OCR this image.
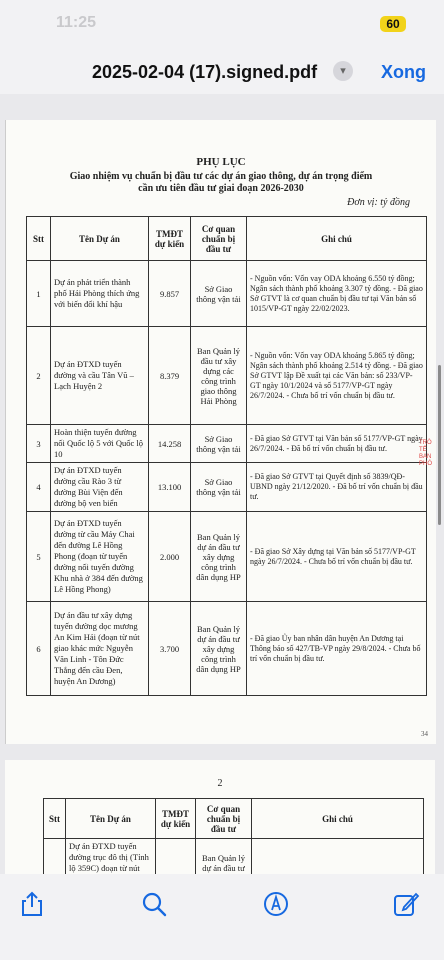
11:25	60
2025-02-04 (17).signed.pdf	▾	Xong
PHỤ LỤC
Giao nhiệm vụ chuẩn bị đầu tư các dự án giao thông, dự án trọng điểm
cần ưu tiên đầu tư giai đoạn 2026-2030
Đơn vị: tỷ đồng
Stt	Tên Dự án	TMĐT dự kiến	Cơ quan chuẩn bị đầu tư	Ghi chú
1	Dự án phát triển thành phố Hải Phòng thích ứng với biến đổi khí hậu	9.857	Sở Giao thông vận tải	- Nguồn vốn: Vốn vay ODA khoảng 6.550 tỷ đồng; Ngân sách thành phố khoảng 3.307 tỷ đồng. - Đã giao Sở GTVT là cơ quan chuẩn bị đầu tư tại Văn bản số 1015/VP-GT ngày 22/02/2023.
2	Dự án ĐTXD tuyến đường và cầu Tân Vũ – Lạch Huyện 2	8.379	Ban Quản lý đầu tư xây dựng các công trình giao thông Hải Phòng	- Nguồn vốn: Vốn vay ODA khoảng 5.865 tỷ đồng; Ngân sách thành phố khoảng 2.514 tỷ đồng. - Đã giao Sở GTVT lập Đề xuất tại các Văn bản: số 233/VP-GT ngày 10/1/2024 và số 5177/VP-GT ngày 26/7/2024. - Chưa bố trí vốn chuẩn bị đầu tư.
3	Hoàn thiện tuyến đường nối Quốc lộ 5 với Quốc lộ 10	14.258	Sở Giao thông vận tải	- Đã giao Sở GTVT tại Văn bản số 5177/VP-GT ngày 26/7/2024. - Đã bố trí vốn chuẩn bị đầu tư.
4	Dự án ĐTXD tuyến đường cầu Rào 3 từ đường Bùi Viện đến đường bộ ven biển	13.100	Sở Giao thông vận tải	- Đã giao Sở GTVT tại Quyết định số 3839/QĐ-UBND ngày 21/12/2020. - Đã bố trí vốn chuẩn bị đầu tư.
5	Dự án ĐTXD tuyến đường từ cầu Máy Chai đến đường Lê Hồng Phong (đoạn từ tuyến đường nối tuyến đường Khu nhà ở 384 đến đường Lê Hồng Phong)	2.000	Ban Quản lý dự án đầu tư xây dựng công trình dân dụng HP	- Đã giao Sở Xây dựng tại Văn bản số 5177/VP-GT ngày 26/7/2024. - Chưa bố trí vốn chuẩn bị đầu tư.
6	Dự án đầu tư xây dựng tuyến đường dọc mương An Kim Hải (đoạn từ nút giao khác mức Nguyễn Văn Linh - Tôn Đức Thắng đến cầu Đen, huyện An Dương)	3.700	Ban Quản lý dự án đầu tư xây dựng công trình dân dụng HP	- Đã giao Ủy ban nhân dân huyện An Dương tại Thông báo số 427/TB-VP ngày 29/8/2024. - Chưa bố trí vốn chuẩn bị đầu tư.
34
TRÒ TẾ BAN PHÓ
2
Stt	Tên Dự án	TMĐT dự kiến	Cơ quan chuẩn bị đầu tư	Ghi chú
	Dự án ĐTXD tuyến đường trục đô thị (Tỉnh lộ 359C) đoạn từ nút		Ban Quản lý dự án đầu tư	
